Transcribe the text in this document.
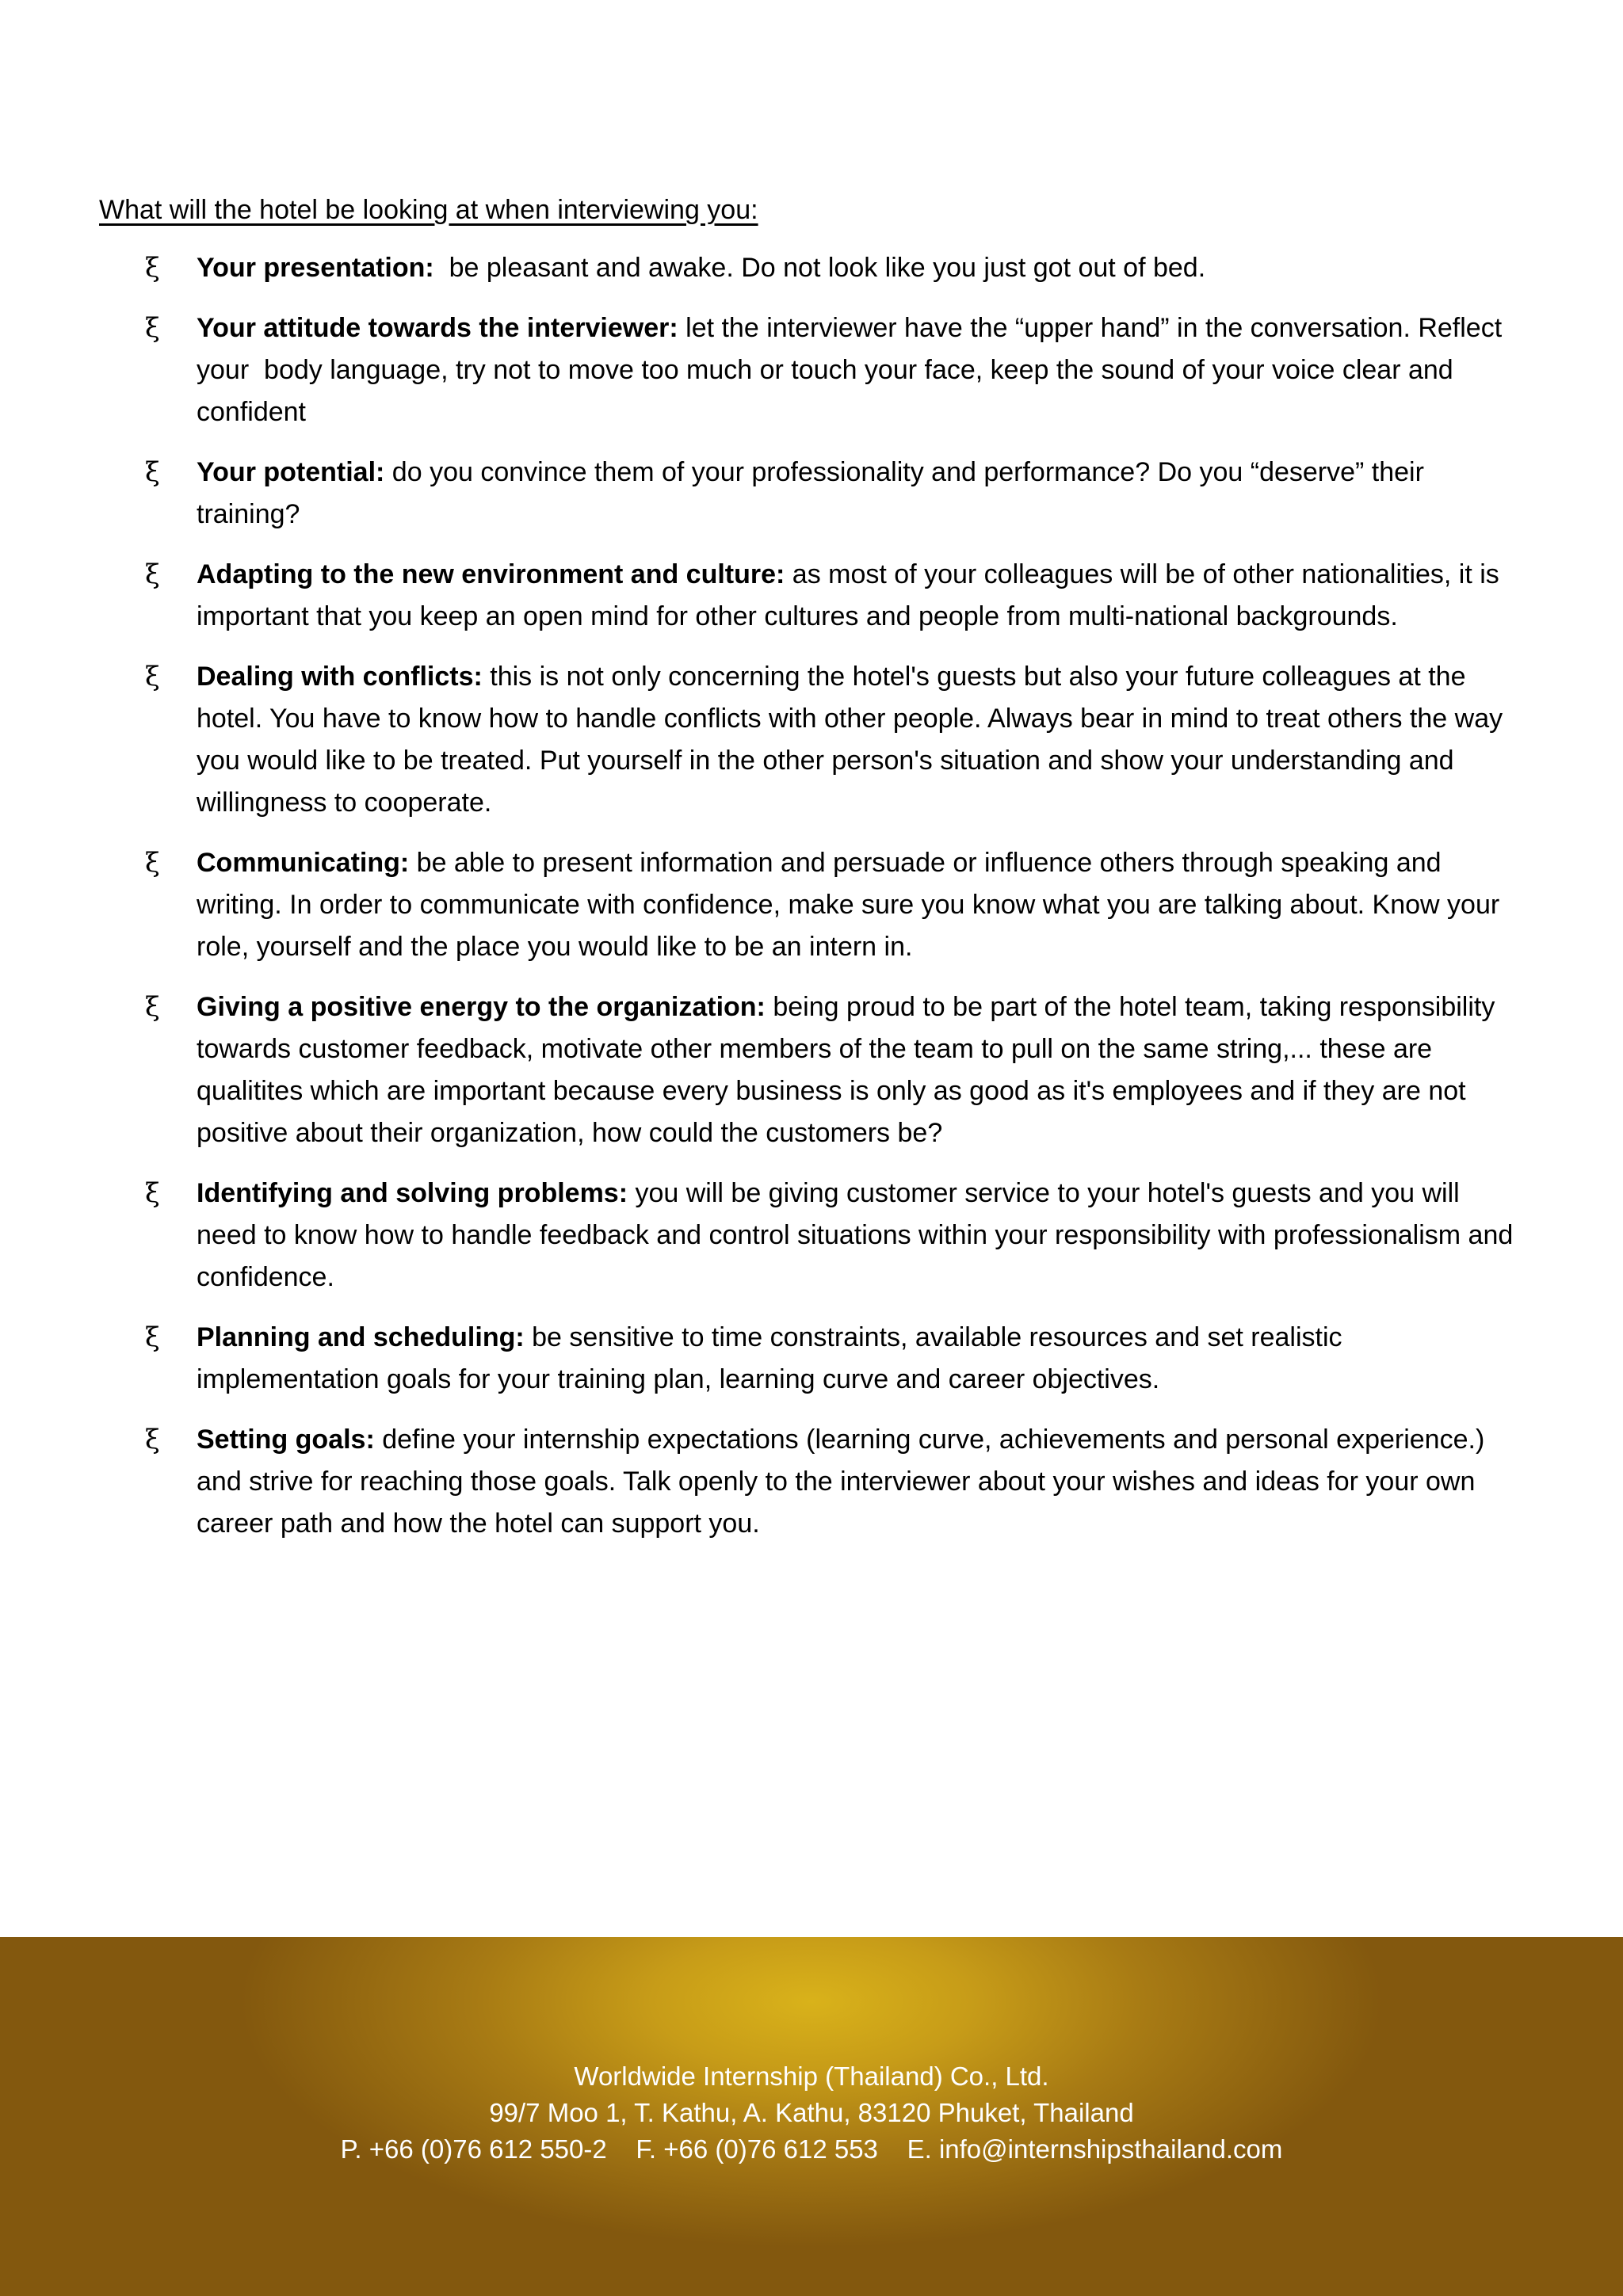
What will the hotel be looking at when interviewing you:

ξ Your presentation:  be pleasant and awake. Do not look like you just got out of bed.
ξ Your attitude towards the interviewer: let the interviewer have the “upper hand” in the conversation. Reflect your  body language, try not to move too much or touch your face, keep the sound of your voice clear and confident
ξ Your potential: do you convince them of your professionality and performance? Do you “deserve” their training?
ξ Adapting to the new environment and culture: as most of your colleagues will be of other nationalities, it is important that you keep an open mind for other cultures and people from multi-national backgrounds.
ξ Dealing with conflicts: this is not only concerning the hotel's guests but also your future colleagues at the hotel. You have to know how to handle conflicts with other people. Always bear in mind to treat others the way you would like to be treated. Put yourself in the other person's situation and show your understanding and willingness to cooperate.
ξ Communicating: be able to present information and persuade or influence others through speaking and writing. In order to communicate with confidence, make sure you know what you are talking about. Know your role, yourself and the place you would like to be an intern in.
ξ Giving a positive energy to the organization: being proud to be part of the hotel team, taking responsibility towards customer feedback, motivate other members of the team to pull on the same string,... these are qualitites which are important because every business is only as good as it's employees and if they are not positive about their organization, how could the customers be?
ξ Identifying and solving problems: you will be giving customer service to your hotel's guests and you will need to know how to handle feedback and control situations within your responsibility with professionalism and confidence.
ξ Planning and scheduling: be sensitive to time constraints, available resources and set realistic implementation goals for your training plan, learning curve and career objectives.
ξ Setting goals: define your internship expectations (learning curve, achievements and personal experience.) and strive for reaching those goals. Talk openly to the interviewer about your wishes and ideas for your own career path and how the hotel can support you.
Worldwide Internship (Thailand) Co., Ltd.
99/7 Moo 1, T. Kathu, A. Kathu, 83120 Phuket, Thailand
P. +66 (0)76 612 550-2 F. +66 (0)76 612 553 E. info@internshipsthailand.com
